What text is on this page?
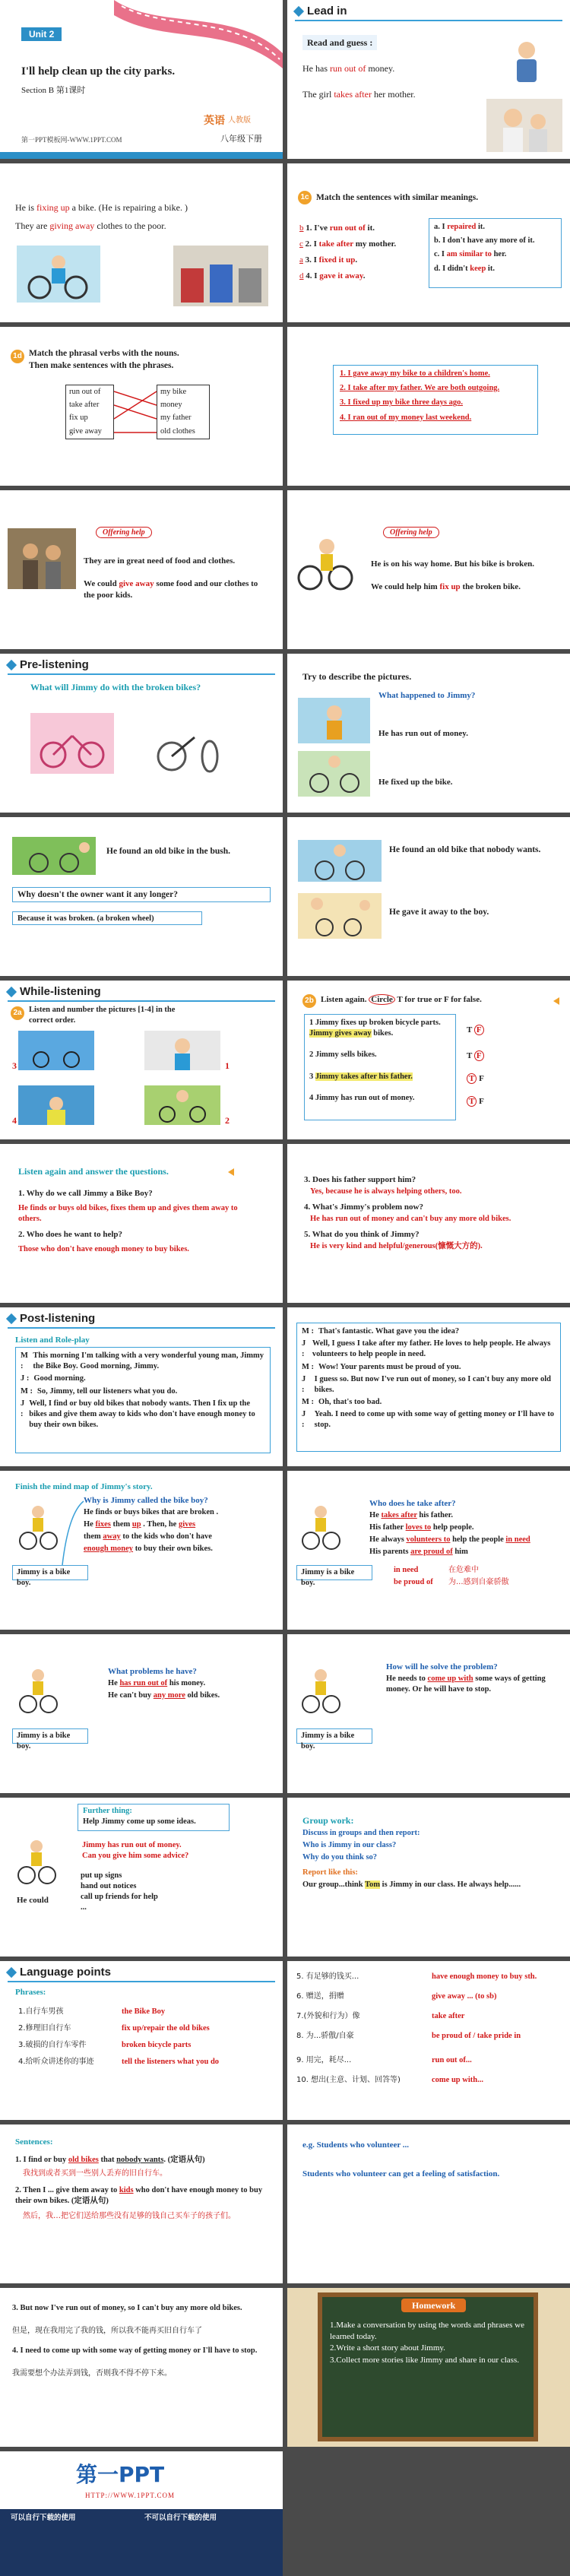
Unit 2
I'll help clean up the city parks.
Section B 第1课时
第一PPT模板网-WWW.1PPT.COM
英语 人教版
八年级下册
Lead in
Read and guess :
He has run out of money.
The girl takes after her mother.
He is fixing up a bike. (He is repairing a bike. )
They are giving away clothes to the poor.
1c Match the sentences with similar meanings.
b 1. I've run out of it.
c 2. I take after my mother.
a 3. I fixed it up.
d 4. I gave it away.
a. I repaired it.
b. I don't have any more of it.
c. I am similar to her.
d. I didn't keep it.
1d Match the phrasal verbs with the nouns.
Then make sentences with the phrases.
run out of
take after
fix up
give away
my bike
money
my father
old clothes
1. I gave away my bike to a children's home.
2. I take after my father. We are both outgoing.
3. I fixed up my bike three days ago.
4. I ran out of my money last weekend.
Offering help
They are in great need of food and clothes.
We could give away some food and our clothes to the poor kids.
Offering help
He is on his way home. But his bike is broken.
We could help him fix up the broken bike.
Pre-listening
What will Jimmy do with the broken bikes?
Try to describe the pictures.
What happened to Jimmy?
He has run out of money.
He fixed up the bike.
He found an old bike in the bush.
Why doesn't the owner want it any longer?
Because it was broken. (a broken wheel)
He found an old bike that nobody wants.
He gave it away to the boy.
While-listening
2a Listen and number the pictures [1-4] in the correct order.
3	1
4	2
2b Listen again. Circle T for true or F for false.
1 Jimmy fixes up broken bicycle parts. Jimmy gives away bikes.
2 Jimmy sells bikes.
3 Jimmy takes after his father.
4 Jimmy has run out of money.
T F
T F
T F
T F
Listen again and answer the questions.
1. Why do we call Jimmy a Bike Boy?
He finds or buys old bikes, fixes them up and gives them away to others.
2. Who does he want to help?
Those who don't have enough money to buy bikes.
3. Does his father support him?
Yes, because he is always helping others, too.
4. What's Jimmy's problem now?
He has run out of money and can't buy any more old bikes.
5. What do you think of Jimmy?
He is very kind and helpful/generous(慷慨大方的).
Post-listening
Listen and Role-play
M :
This morning I'm talking with a very wonderful young man, Jimmy the Bike Boy. Good morning, Jimmy.
J : Good morning.
M : So, Jimmy, tell our listeners what you do.
J :
Well, I find or buy old bikes that nobody wants. Then I fix up the bikes and give them away to kids who don't have enough money to buy their own bikes.
M : That's fantastic. What gave you the idea?
J :
Well, I guess I take after my father. He loves to help people. He always volunteers to help people in need.
M : Wow! Your parents must be proud of you.
J :
I guess so. But now I've run out of money, so I can't buy any more old bikes.
M : Oh, that's too bad.
J :
Yeah. I need to come up with some way of getting money or I'll have to stop.
Finish the mind map of Jimmy's story.
Why is Jimmy called the bike boy?
He finds or buys bikes that are broken .
He fixes them up . Then, he gives
them away to the kids who don't have
enough money to buy their own bikes.
Jimmy is a bike boy.
Who does he take after?
He takes after his father.
His father loves to help people.
He always volunteers to help the people in need
His parents are proud of him
in need	在危难中
be proud of 为...感到自豪骄傲
Jimmy is a bike boy.
What problems he have?
He has run out of his money.
He can't buy any more old bikes.
Jimmy is a bike boy.
How will he solve the problem?
He needs to come up with some ways of getting money. Or he will have to stop.
Jimmy is a bike boy.
Further thing:
Help Jimmy come up some ideas.
Jimmy has run out of money.
Can you give him some advice?
He could
put up signs
hand out notices
call up friends for help
...
Group work:
Discuss in groups and then report:
Who is Jimmy in our class?
Why do you think so?
Report like this:
Our group...think Tom is Jimmy in our class. He always help......
Language points
Phrases:
1.自行车男孩	the Bike Boy
2.修理旧自行车	fix up/repair the old bikes
3.破损的自行车零件	broken bicycle parts
4.给听众讲述你的事迹	tell the listeners what you do
5. 有足够的钱买...	have enough money to buy sth.
6. 赠送，捐赠	give away ... (to sb)
7.(外貌和行为）像	take after
8. 为...骄傲/自豪	be proud of / take pride in
9. 用完，耗尽...	run out of...
10. 想出(主意、计划、回答等)	come up with...
Sentences:
1. I find or buy old bikes that nobody wants. (定语从句)
我找到或者买到一些别人丢弃的旧自行车。
2. Then I ... give them away to kids who don't have enough money to buy their own bikes. (定语从句)
然后，我…把它们送给那些没有足够的钱自己买车子的孩子们。
e.g. Students who volunteer ...
Students who volunteer can get a feeling of satisfaction.
3. But now I've run out of money, so I can't buy any more old bikes.
但是，现在我用完了我的钱，所以我不能再买旧自行车了
4. I need to come up with some way of getting money or I'll have to stop.
我需要想个办法弄到钱，否则我不得不停下来。
Homework
1.Make a conversation by using the words and phrases we learned today.
2.Write a short story about Jimmy.
3.Collect more stories like Jimmy and share in our class.
第一PPT
HTTP://WWW.1PPT.COM
可以自行下载的使用	不可以自行下载的使用
